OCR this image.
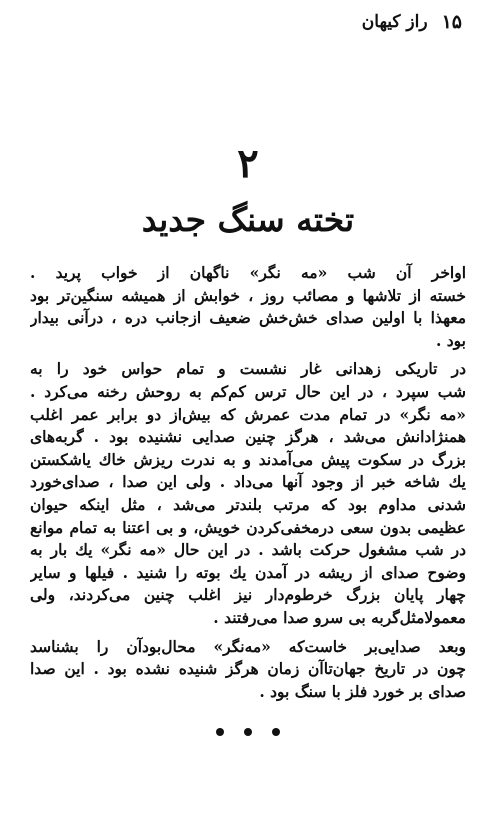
۱۵
راز کیهان
۲
تخته سنگ جدید
اواخر آن شب «مه نگر» ناگهان از خواب پرید .
خسته از تلاشها و مصائب روز ، خوابش از همیشه سنگین‌تر بود
معهذا با اولین صدای خش‌خش ضعیف ازجانب دره ، درآنی بیدار
بود .
در تاریکی زهدانی غار نشست و تمام حواس خود را به
شب سپرد ، در این حال ترس کم‌کم به روحش رخنه می‌کرد .
«مه نگر» در تمام مدت عمرش که بیش‌از دو برابر عمر اغلب
همنژادانش می‌شد ، هرگز چنین صدایی نشنیده بود . گربه‌های
بزرگ در سکوت پیش می‌آمدند و به ندرت ریزش خاك یاشکستن
یك شاخه خبر از وجود آنها می‌داد . ولی این صدا ، صدای‌خورد
شدنی مداوم بود که مرتب بلندتر می‌شد ، مثل اینکه حیوان
عظیمی بدون سعی درمخفی‌کردن خویش، و بی اعتنا به تمام موانع
در شب مشغول حرکت باشد . در این حال «مه نگر» یك بار به
وضوح صدای از ریشه در آمدن یك بوته را شنید . فیلها و سایر
چهار پایان بزرگ خرطوم‌دار نیز اغلب چنین می‌کردند، ولی
معمولامثل‌گربه بی سرو صدا می‌رفتند .
وبعد صدایی‌بر خاست‌که «مه‌نگر» محال‌بودآن را بشناسد
چون در تاریخ جهان‌تاآن زمان هرگز شنیده نشده بود . این صدا
صدای بر خورد فلز با سنگ بود .
